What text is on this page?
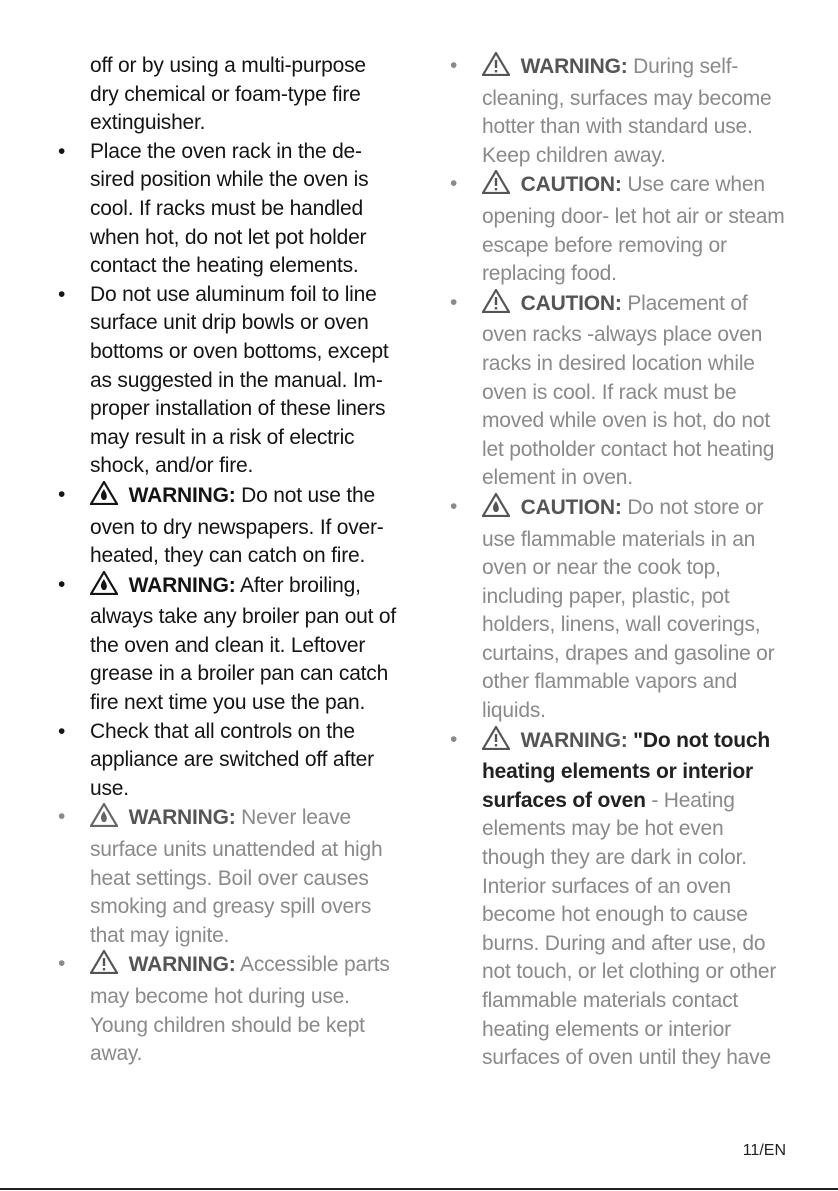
off or by using a multi-purpose dry chemical or foam-type fire extinguisher.
• Place the oven rack in the de-sired position while the oven is cool. If racks must be handled when hot, do not let pot holder contact the heating elements.
• Do not use aluminum foil to line surface unit drip bowls or oven bottoms or oven bottoms, except as suggested in the manual. Im-proper installation of these liners may result in a risk of electric shock, and/or fire.
•	WARNING: Do not use the oven to dry newspapers. If over-heated, they can catch on fire.
•	WARNING: After broiling, always take any broiler pan out of the oven and clean it. Leftover grease in a broiler pan can catch fire next time you use the pan.
• Check that all controls on the appliance are switched off after use.
•	WARNING: Never leave surface units unattended at high heat settings. Boil over causes smoking and greasy spill overs that may ignite.
•	WARNING: Accessible parts may become hot during use. Young children should be kept away.
•	WARNING: During self-cleaning, surfaces may become hotter than with standard use. Keep children away.
•	CAUTION: Use care when opening door- let hot air or steam escape before removing or replacing food.
•	CAUTION: Placement of oven racks -always place oven racks in desired location while oven is cool. If rack must be moved while oven is hot, do not let potholder contact hot heating element in oven.
•	CAUTION: Do not store or use flammable materials in an oven or near the cook top, including paper, plastic, pot holders, linens, wall coverings, curtains, drapes and gasoline or other flammable vapors and liquids.
•	WARNING: "Do not touch heating elements or interior surfaces of oven - Heating elements may be hot even though they are dark in color. Interior surfaces of an oven become hot enough to cause burns. During and after use, do not touch, or let clothing or other flammable materials contact heating elements or interior surfaces of oven until they have
11/EN
